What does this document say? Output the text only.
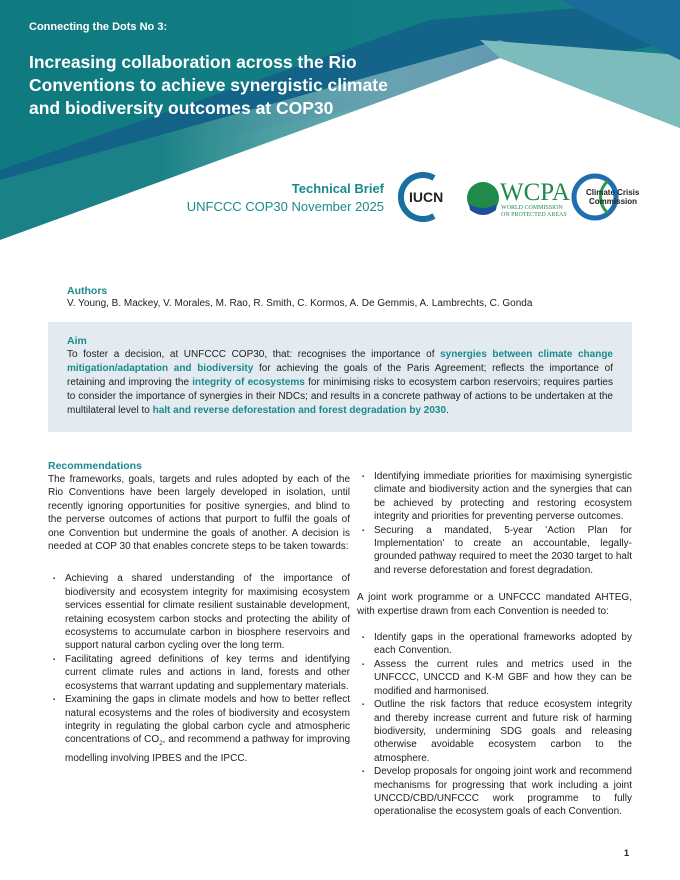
Connecting the Dots No 3:
Increasing collaboration across the Rio Conventions to achieve synergistic climate and biodiversity outcomes at COP30
Technical Brief
UNFCCC COP30 November 2025
IUCN WCPA
WORLD COMMISSION
ON PROTECTED AREAS
Climate Crisis
Commission
Authors
V. Young, B. Mackey, V. Morales, M. Rao, R. Smith, C. Kormos, A. De Gemmis, A. Lambrechts, C. Gonda
Aim

To foster a decision, at UNFCCC COP30, that: recognises the importance of synergies between climate change mitigation/adaptation and biodiversity for achieving the goals of the Paris Agreement; reflects the importance of retaining and improving the integrity of ecosystems for minimising risks to ecosystem carbon reservoirs; requires parties to consider the importance of synergies in their NDCs; and results in a concrete pathway of actions to be undertaken at the multilateral level to halt and reverse deforestation and forest degradation by 2030.

Recommendations

The frameworks, goals, targets and rules adopted by each of the Rio Conventions have been largely developed in isolation, until recently ignoring opportunities for positive synergies, and blind to the perverse outcomes of actions that purport to fulfil the goals of one Convention but undermine the goals of another. A decision is needed at COP 30 that enables concrete steps to be taken towards:

▪ Achieving a shared understanding of the importance of biodiversity and ecosystem integrity for maximising ecosystem services essential for climate resilient sustainable development, retaining ecosystem carbon stocks and protecting the ability of ecosystems to accumulate carbon in biosphere reservoirs and support natural carbon cycling over the long term.
▪ Facilitating agreed definitions of key terms and identifying current climate rules and actions in land, forests and other ecosystems that warrant updating and supplementary materials.
▪ Examining the gaps in climate models and how to better reflect natural ecosystems and the roles of biodiversity and ecosystem integrity in regulating the global carbon cycle and atmospheric concentrations of $CO_2$, and recommend a pathway for improving modelling involving IPBES and the IPCC.
▪ Identifying immediate priorities for maximising synergistic climate and biodiversity action and the synergies that can be achieved by protecting and restoring ecosystem integrity and priorities for preventing perverse outcomes.
▪ Securing a mandated, 5-year 'Action Plan for Implementation' to create an accountable, legally-grounded pathway required to meet the 2030 target to halt and reverse deforestation and forest degradation.

A joint work programme or a UNFCCC mandated AHTEG, with expertise drawn from each Convention is needed to:

▪ Identify gaps in the operational frameworks adopted by each Convention.
▪ Assess the current rules and metrics used in the UNFCCC, UNCCD and K-M GBF and how they can be modified and harmonised.
▪ Outline the risk factors that reduce ecosystem integrity and thereby increase current and future risk of harming biodiversity, undermining SDG goals and releasing otherwise avoidable ecosystem carbon to the atmosphere.
▪ Develop proposals for ongoing joint work and recommend mechanisms for progressing that work including a joint UNCCD/CBD/UNFCCC work programme to fully operationalise the ecosystem goals of each Convention.
1
